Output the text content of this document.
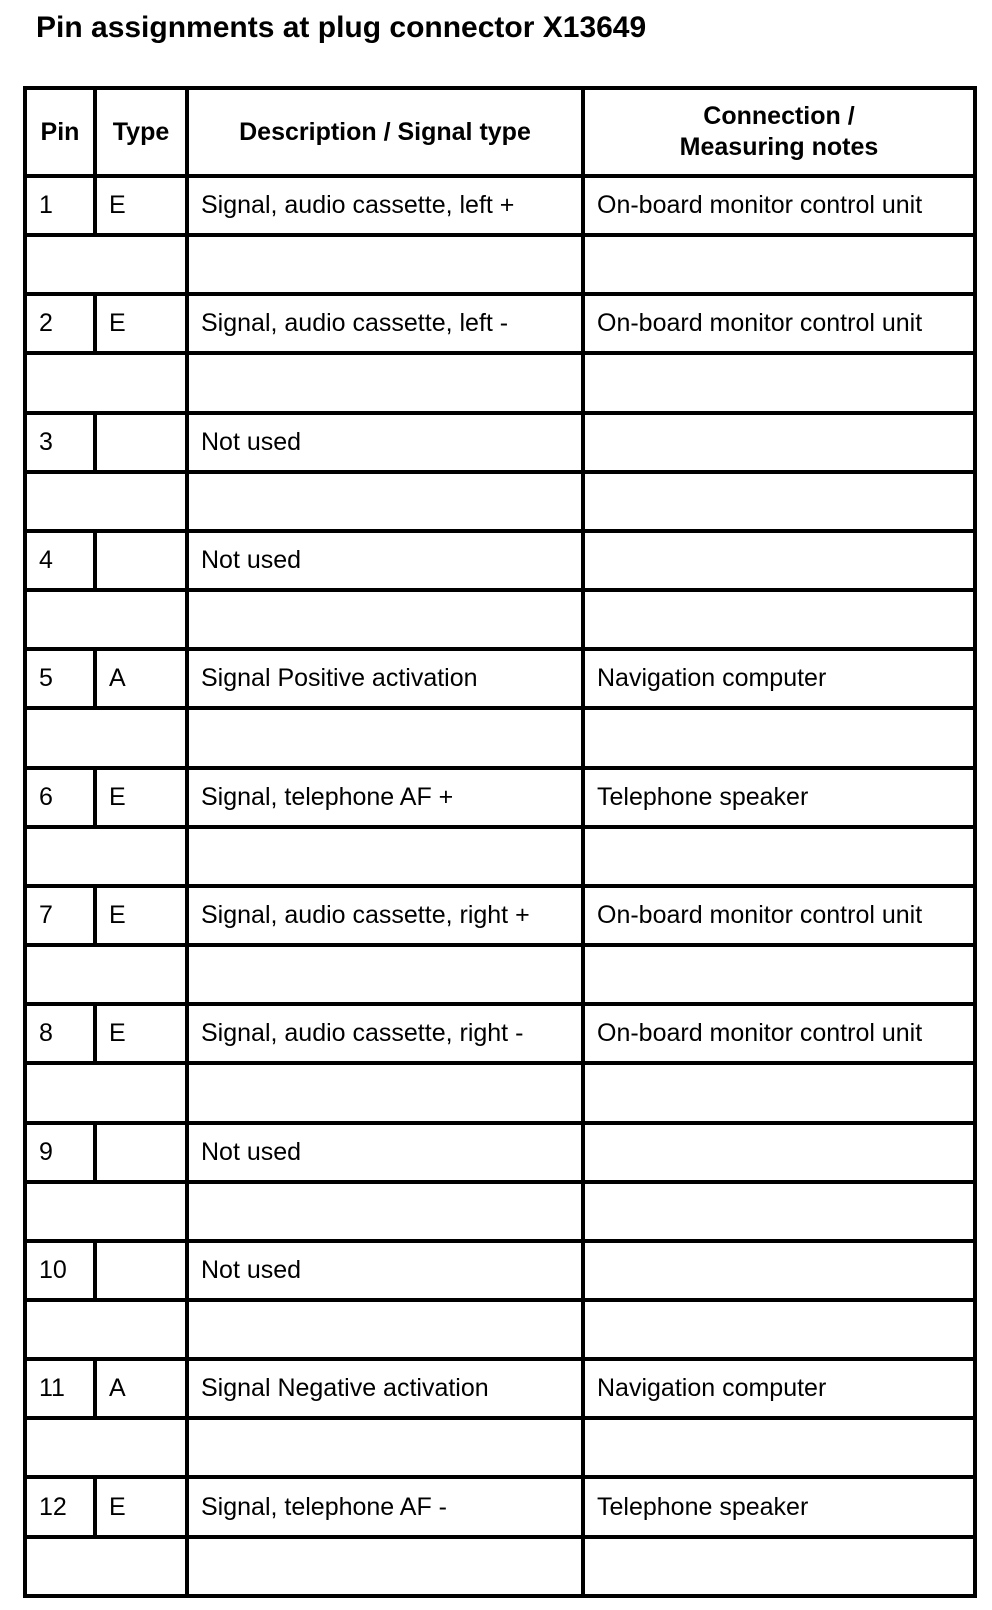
Pin assignments at plug connector X13649
Pin	Type	Description / Signal type	Connection /
Measuring notes
1	E	Signal, audio cassette, left +	On-board monitor control unit

2	E	Signal, audio cassette, left -	On-board monitor control unit

3		Not used	

4		Not used	

5	A	Signal Positive activation	Navigation computer

6	E	Signal, telephone AF +	Telephone speaker

7	E	Signal, audio cassette, right +	On-board monitor control unit

8	E	Signal, audio cassette, right -	On-board monitor control unit

9		Not used	

10		Not used	

11	A	Signal Negative activation	Navigation computer

12	E	Signal, telephone AF -	Telephone speaker
